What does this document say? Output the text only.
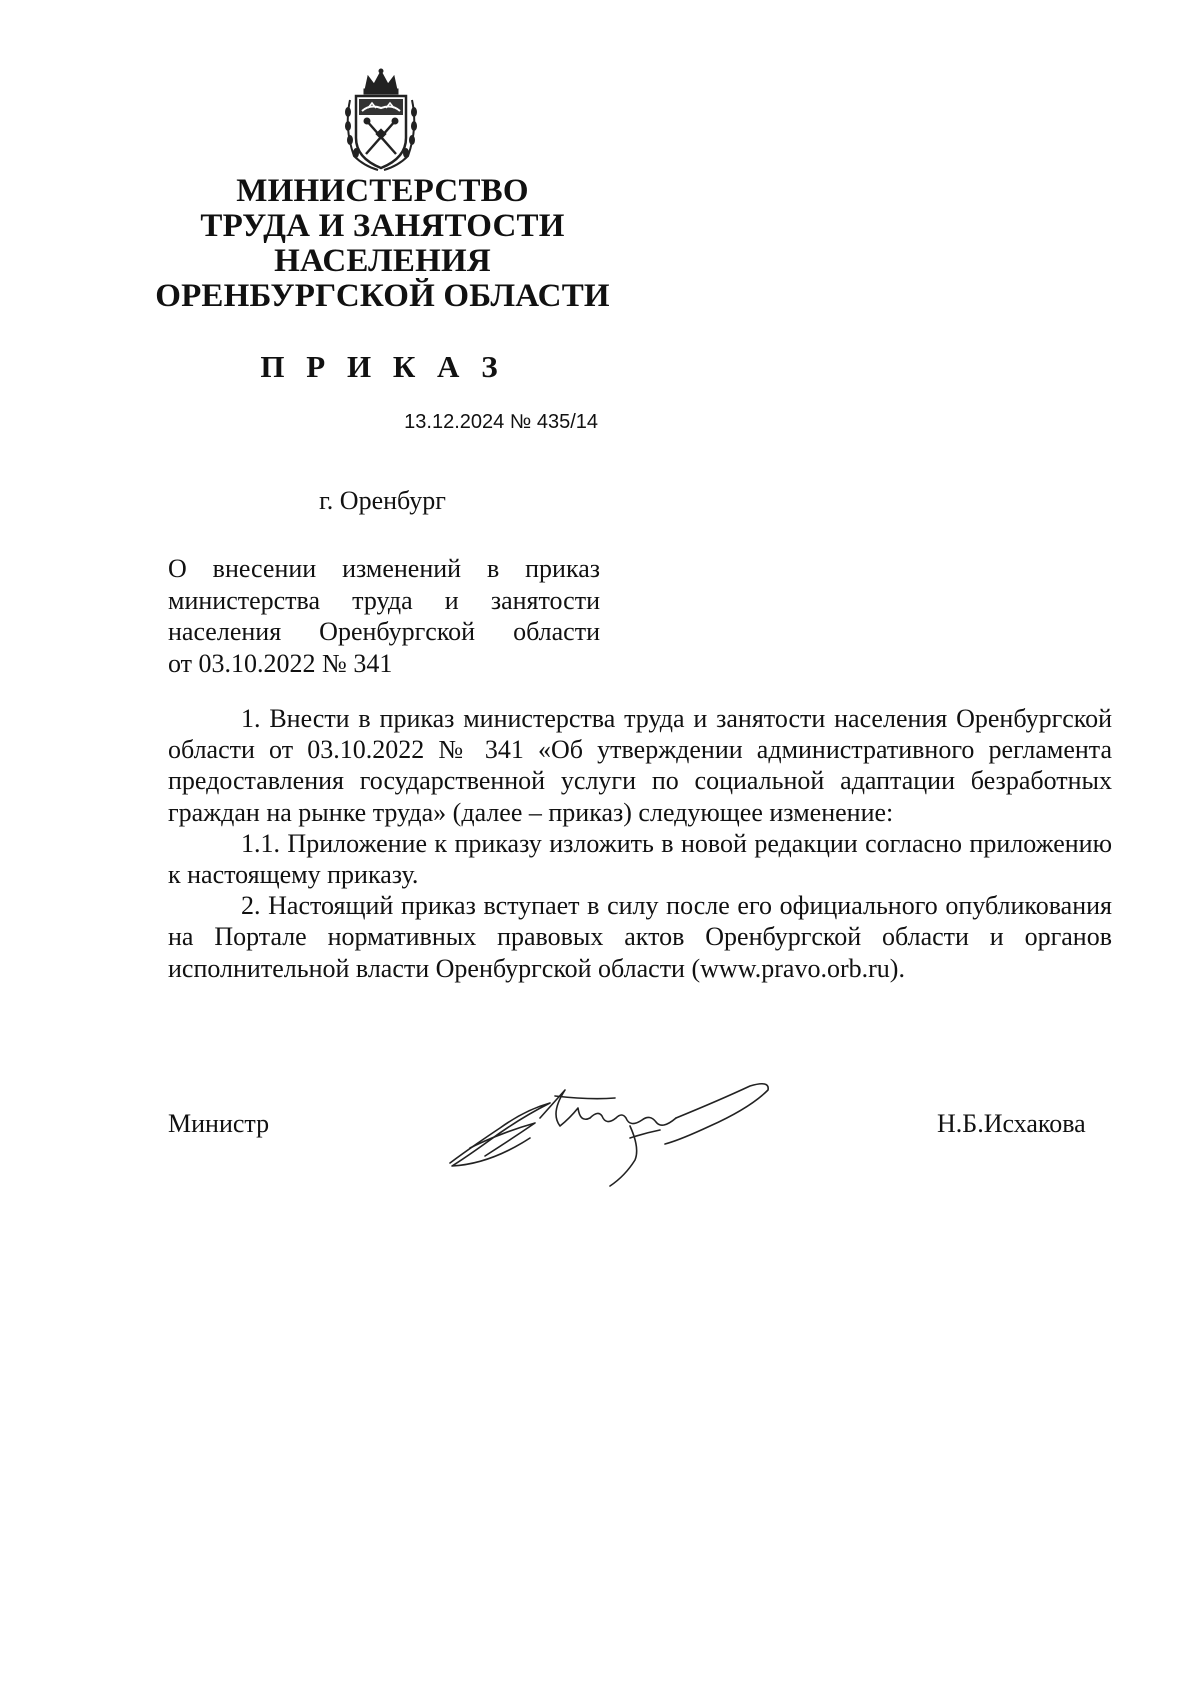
МИНИСТЕРСТВО
ТРУДА И ЗАНЯТОСТИ
НАСЕЛЕНИЯ
ОРЕНБУРГСКОЙ ОБЛАСТИ
П Р И К А З
13.12.2024 № 435/14
г. Оренбург
О внесении изменений в приказ
министерства труда и занятости
населения Оренбургской области
от 03.10.2022 № 341

1. Внести в приказ министерства труда и занятости населения Оренбургской области от 03.10.2022 № 341 «Об утверждении административного регламента предоставления государственной услуги по социальной адаптации безработных граждан на рынке труда» (далее – приказ) следующее изменение:

1.1. Приложение к приказу изложить в новой редакции согласно приложению к настоящему приказу.

2. Настоящий приказ вступает в силу после его официального опубликования на Портале нормативных правовых актов Оренбургской области и органов исполнительной власти Оренбургской области (www.pravo.orb.ru).

Министр	Н.Б.Исхакова
